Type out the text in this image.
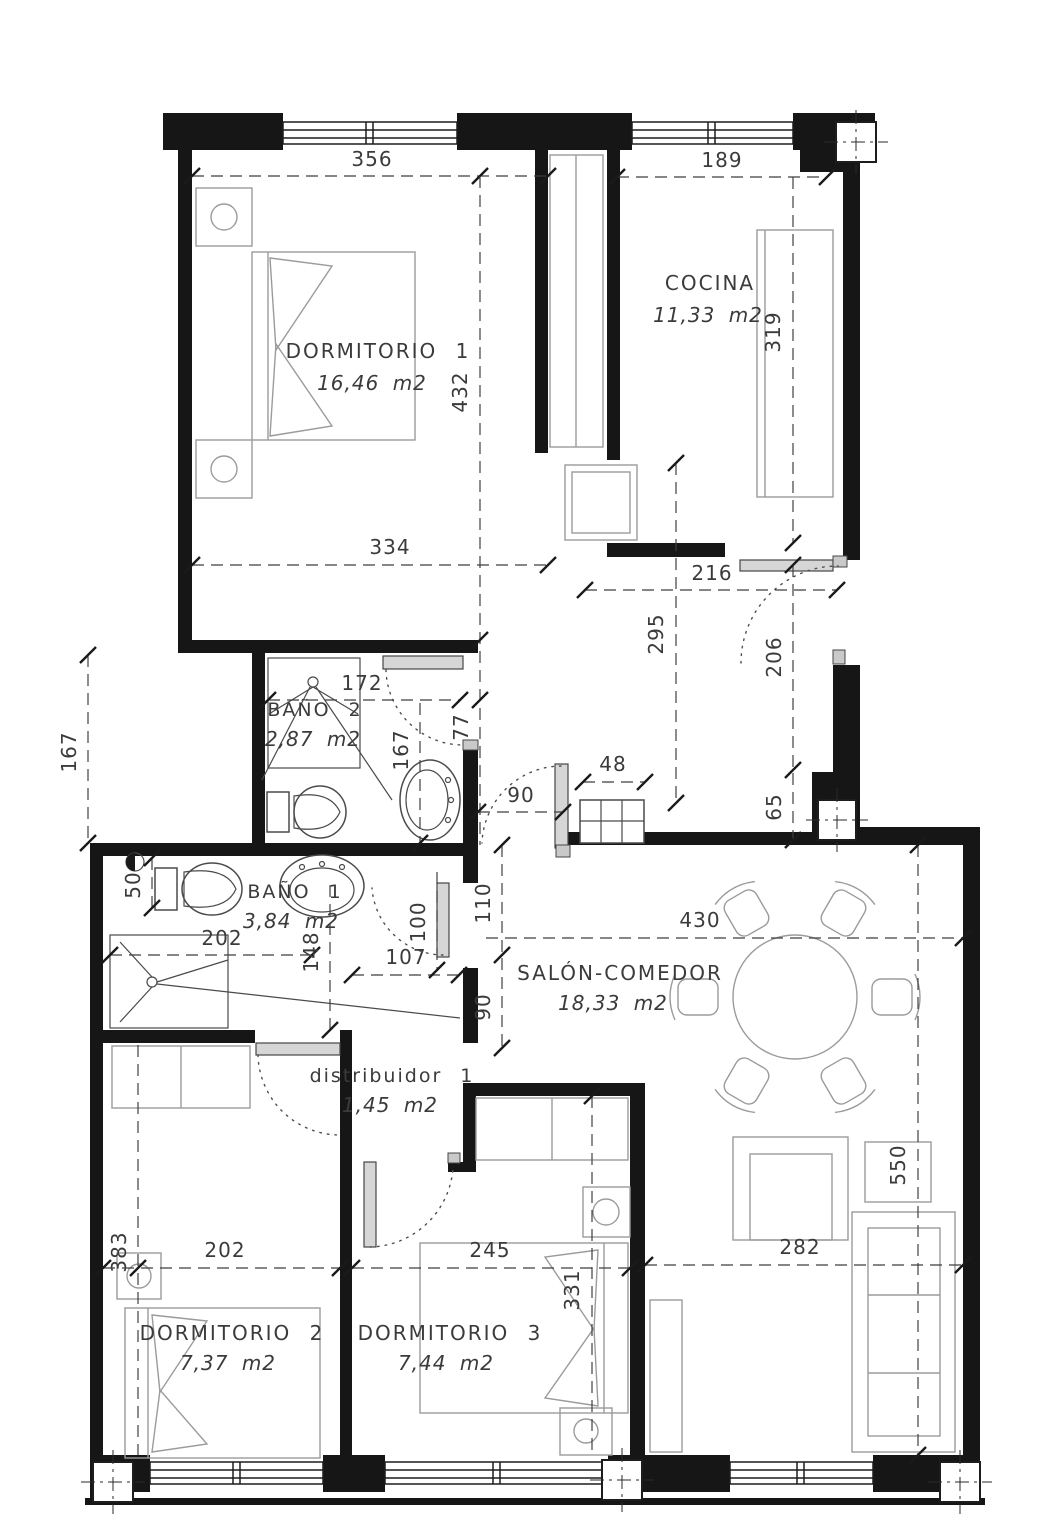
356	189
432
319
334
216
295
206
65
48
90
77
172
167
167
50
202	148	107
100 110
90
430
550
282
383	202	245
331
DORMITORIO 1
16,46 m2
COCINA
11,33 m2
BAÑO 2
2,87 m2
BAÑO 1
3,84 m2
SALÓN-COMEDOR
18,33 m2
distribuidor 1
1,45 m2
DORMITORIO 2
7,37 m2
DORMITORIO 3
7,44 m2
